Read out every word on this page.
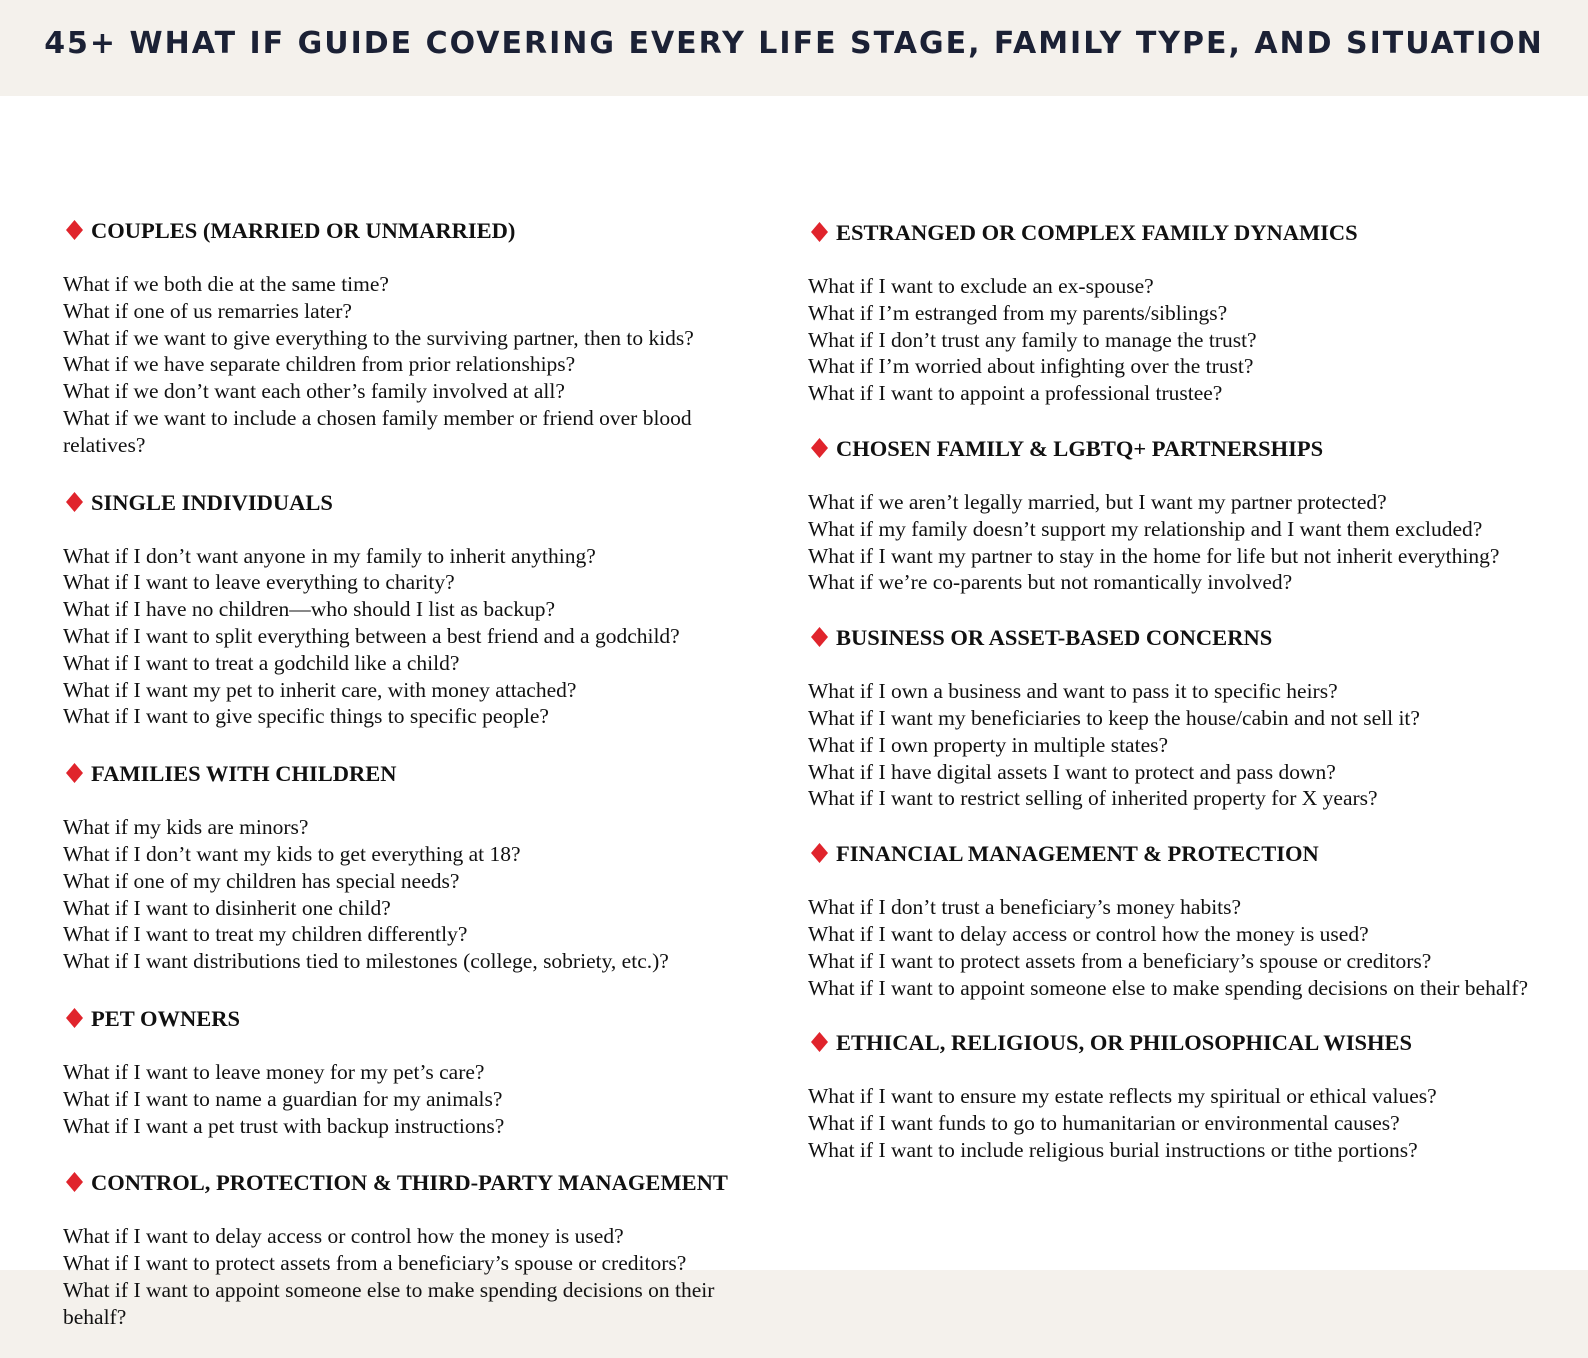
45+ WHAT IF GUIDE COVERING EVERY LIFE STAGE, FAMILY TYPE, AND SITUATION
COUPLES (MARRIED OR UNMARRIED)
What if we both die at the same time?
What if one of us remarries later?
What if we want to give everything to the surviving partner, then to kids?
What if we have separate children from prior relationships?
What if we don’t want each other’s family involved at all?
What if we want to include a chosen family member or friend over blood relatives?
SINGLE INDIVIDUALS
What if I don’t want anyone in my family to inherit anything?
What if I want to leave everything to charity?
What if I have no children—who should I list as backup?
What if I want to split everything between a best friend and a godchild?
What if I want to treat a godchild like a child?
What if I want my pet to inherit care, with money attached?
What if I want to give specific things to specific people?
FAMILIES WITH CHILDREN
What if my kids are minors?
What if I don’t want my kids to get everything at 18?
What if one of my children has special needs?
What if I want to disinherit one child?
What if I want to treat my children differently?
What if I want distributions tied to milestones (college, sobriety, etc.)?
PET OWNERS
What if I want to leave money for my pet’s care?
What if I want to name a guardian for my animals?
What if I want a pet trust with backup instructions?
CONTROL, PROTECTION & THIRD-PARTY MANAGEMENT
What if I want to delay access or control how the money is used?
What if I want to protect assets from a beneficiary’s spouse or creditors?
What if I want to appoint someone else to make spending decisions on their behalf?
ESTRANGED OR COMPLEX FAMILY DYNAMICS
What if I want to exclude an ex-spouse?
What if I’m estranged from my parents/siblings?
What if I don’t trust any family to manage the trust?
What if I’m worried about infighting over the trust?
What if I want to appoint a professional trustee?
CHOSEN FAMILY & LGBTQ+ PARTNERSHIPS
What if we aren’t legally married, but I want my partner protected?
What if my family doesn’t support my relationship and I want them excluded?
What if I want my partner to stay in the home for life but not inherit everything?
What if we’re co-parents but not romantically involved?
BUSINESS OR ASSET-BASED CONCERNS
What if I own a business and want to pass it to specific heirs?
What if I want my beneficiaries to keep the house/cabin and not sell it?
What if I own property in multiple states?
What if I have digital assets I want to protect and pass down?
What if I want to restrict selling of inherited property for X years?
FINANCIAL MANAGEMENT & PROTECTION
What if I don’t trust a beneficiary’s money habits?
What if I want to delay access or control how the money is used?
What if I want to protect assets from a beneficiary’s spouse or creditors?
What if I want to appoint someone else to make spending decisions on their behalf?
ETHICAL, RELIGIOUS, OR PHILOSOPHICAL WISHES
What if I want to ensure my estate reflects my spiritual or ethical values?
What if I want funds to go to humanitarian or environmental causes?
What if I want to include religious burial instructions or tithe portions?
